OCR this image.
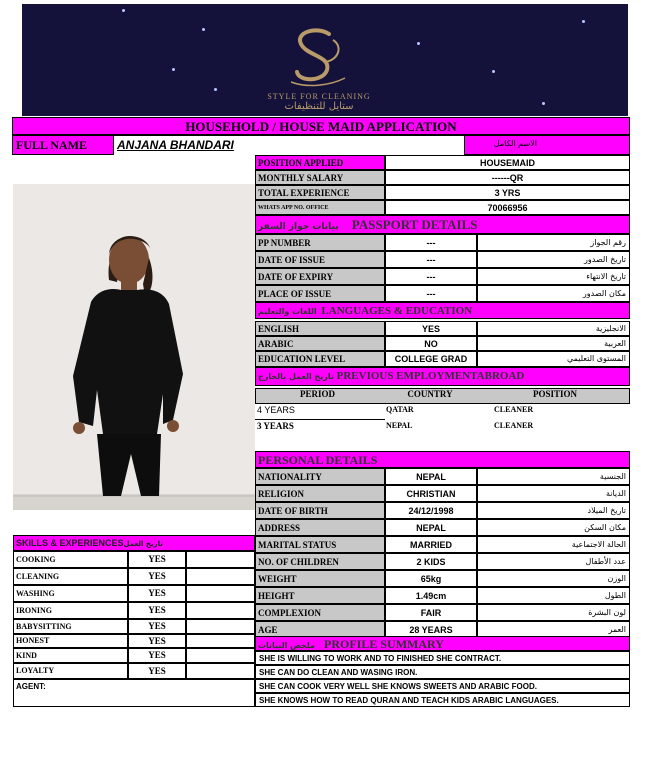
STYLE FOR CLEANING
ستايل للتنظيفات
HOUSEHOLD / HOUSE MAID APPLICATION
FULL NAME ANJANA BHANDARI	الاسم الكامل
POSITION APPLIED	HOUSEMAID
MONTHLY SALARY	------QR
TOTAL EXPERIENCE	3 YRS
WHATS APP NO. OFFICE	70066956
بيانات جواز السفر PASSPORT DETAILS
PP NUMBER	---	رقم الجواز
DATE OF ISSUE	---	تاريخ الصدور
DATE OF EXPIRY	---	تاريخ الانتهاء
PLACE OF ISSUE	---	مكان الصدور
اللغات والتعليم LANGUAGES & EDUCATION
ENGLISH	YES	الانجليزية
ARABIC	NO	العربية
EDUCATION LEVEL	COLLEGE GRAD	المستوى التعليمي
تاريخ العمل بالخارج PREVIOUS EMPLOYMENTABROAD
PERIOD	COUNTRY	POSITION
4 YEARS	QATAR	CLEANER
3 YEARS	NEPAL	CLEANER
PERSONAL DETAILS
NATIONALITY	NEPAL	الجنسية
RELIGION	CHRISTIAN	الديانة
DATE OF BIRTH	24/12/1998	تاريخ الميلاد
ADDRESS	NEPAL	مكان السكن
MARITAL STATUS	MARRIED	الحالة الاجتماعية
NO. OF CHILDREN	2 KIDS	عدد الأطفال
WEIGHT	65kg	الوزن
HEIGHT	1.49cm	الطول
COMPLEXION	FAIR	لون البشرة
AGE	28 YEARS	العمر
ملخص البيانات PROFILE SUMMARY
SHE IS WILLING TO WORK AND TO FINISHED SHE CONTRACT.
SHE CAN DO CLEAN AND WASING IRON.
SHE CAN COOK VERY WELL SHE KNOWS SWEETS AND ARABIC FOOD.
SHE KNOWS HOW TO READ QURAN AND TEACH KIDS ARABIC LANGUAGES.
SKILLS & EXPERIENCESتاريخ العمل
COOKING	YES
CLEANING	YES
WASHING	YES
IRONING	YES
BABYSITTING	YES
HONEST	YES
KIND	YES
LOYALTY	YES
AGENT:
